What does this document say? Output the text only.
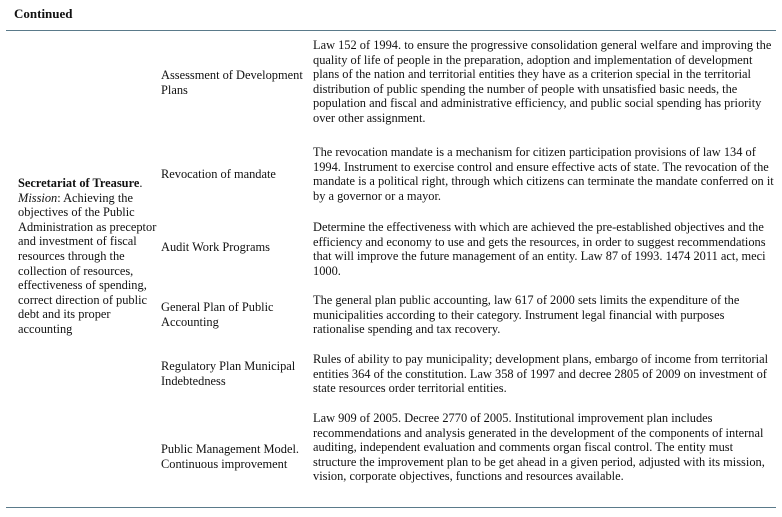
Continued
Secretariat of Treasure. Mission: Achieving the objectives of the Public Administration as preceptor and investment of fiscal resources through the collection of resources, effectiveness of spending, correct direction of public debt and its proper accounting
Assessment of Development Plans
Law 152 of 1994. to ensure the progressive consolidation general welfare and improving the quality of life of people in the preparation, adoption and implementation of development plans of the nation and territorial entities they have as a criterion special in the territorial distribution of public spending the number of people with unsatisfied basic needs, the population and fiscal and administrative efficiency, and public social spending has priority over other assignment.
Revocation of mandate
The revocation mandate is a mechanism for citizen participation provisions of law 134 of 1994. Instrument to exercise control and ensure effective acts of state. The revocation of the mandate is a political right, through which citizens can terminate the mandate conferred on it by a governor or a mayor.
Audit Work Programs
Determine the effectiveness with which are achieved the pre-established objectives and the efficiency and economy to use and gets the resources, in order to suggest recommendations that will improve the future management of an entity. Law 87 of 1993. 1474 2011 act, meci 1000.
General Plan of Public Accounting
The general plan public accounting, law 617 of 2000 sets limits the expenditure of the municipalities according to their category. Instrument legal financial with purposes rationalise spending and tax recovery.
Regulatory Plan Municipal Indebtedness
Rules of ability to pay municipality; development plans, embargo of income from territorial entities 364 of the constitution. Law 358 of 1997 and decree 2805 of 2009 on investment of state resources order territorial entities.
Public Management Model. Continuous improvement
Law 909 of 2005. Decree 2770 of 2005. Institutional improvement plan includes recommendations and analysis generated in the development of the components of internal auditing, independent evaluation and comments organ fiscal control. The entity must structure the improvement plan to be get ahead in a given period, adjusted with its mission, vision, corporate objectives, functions and resources available.
